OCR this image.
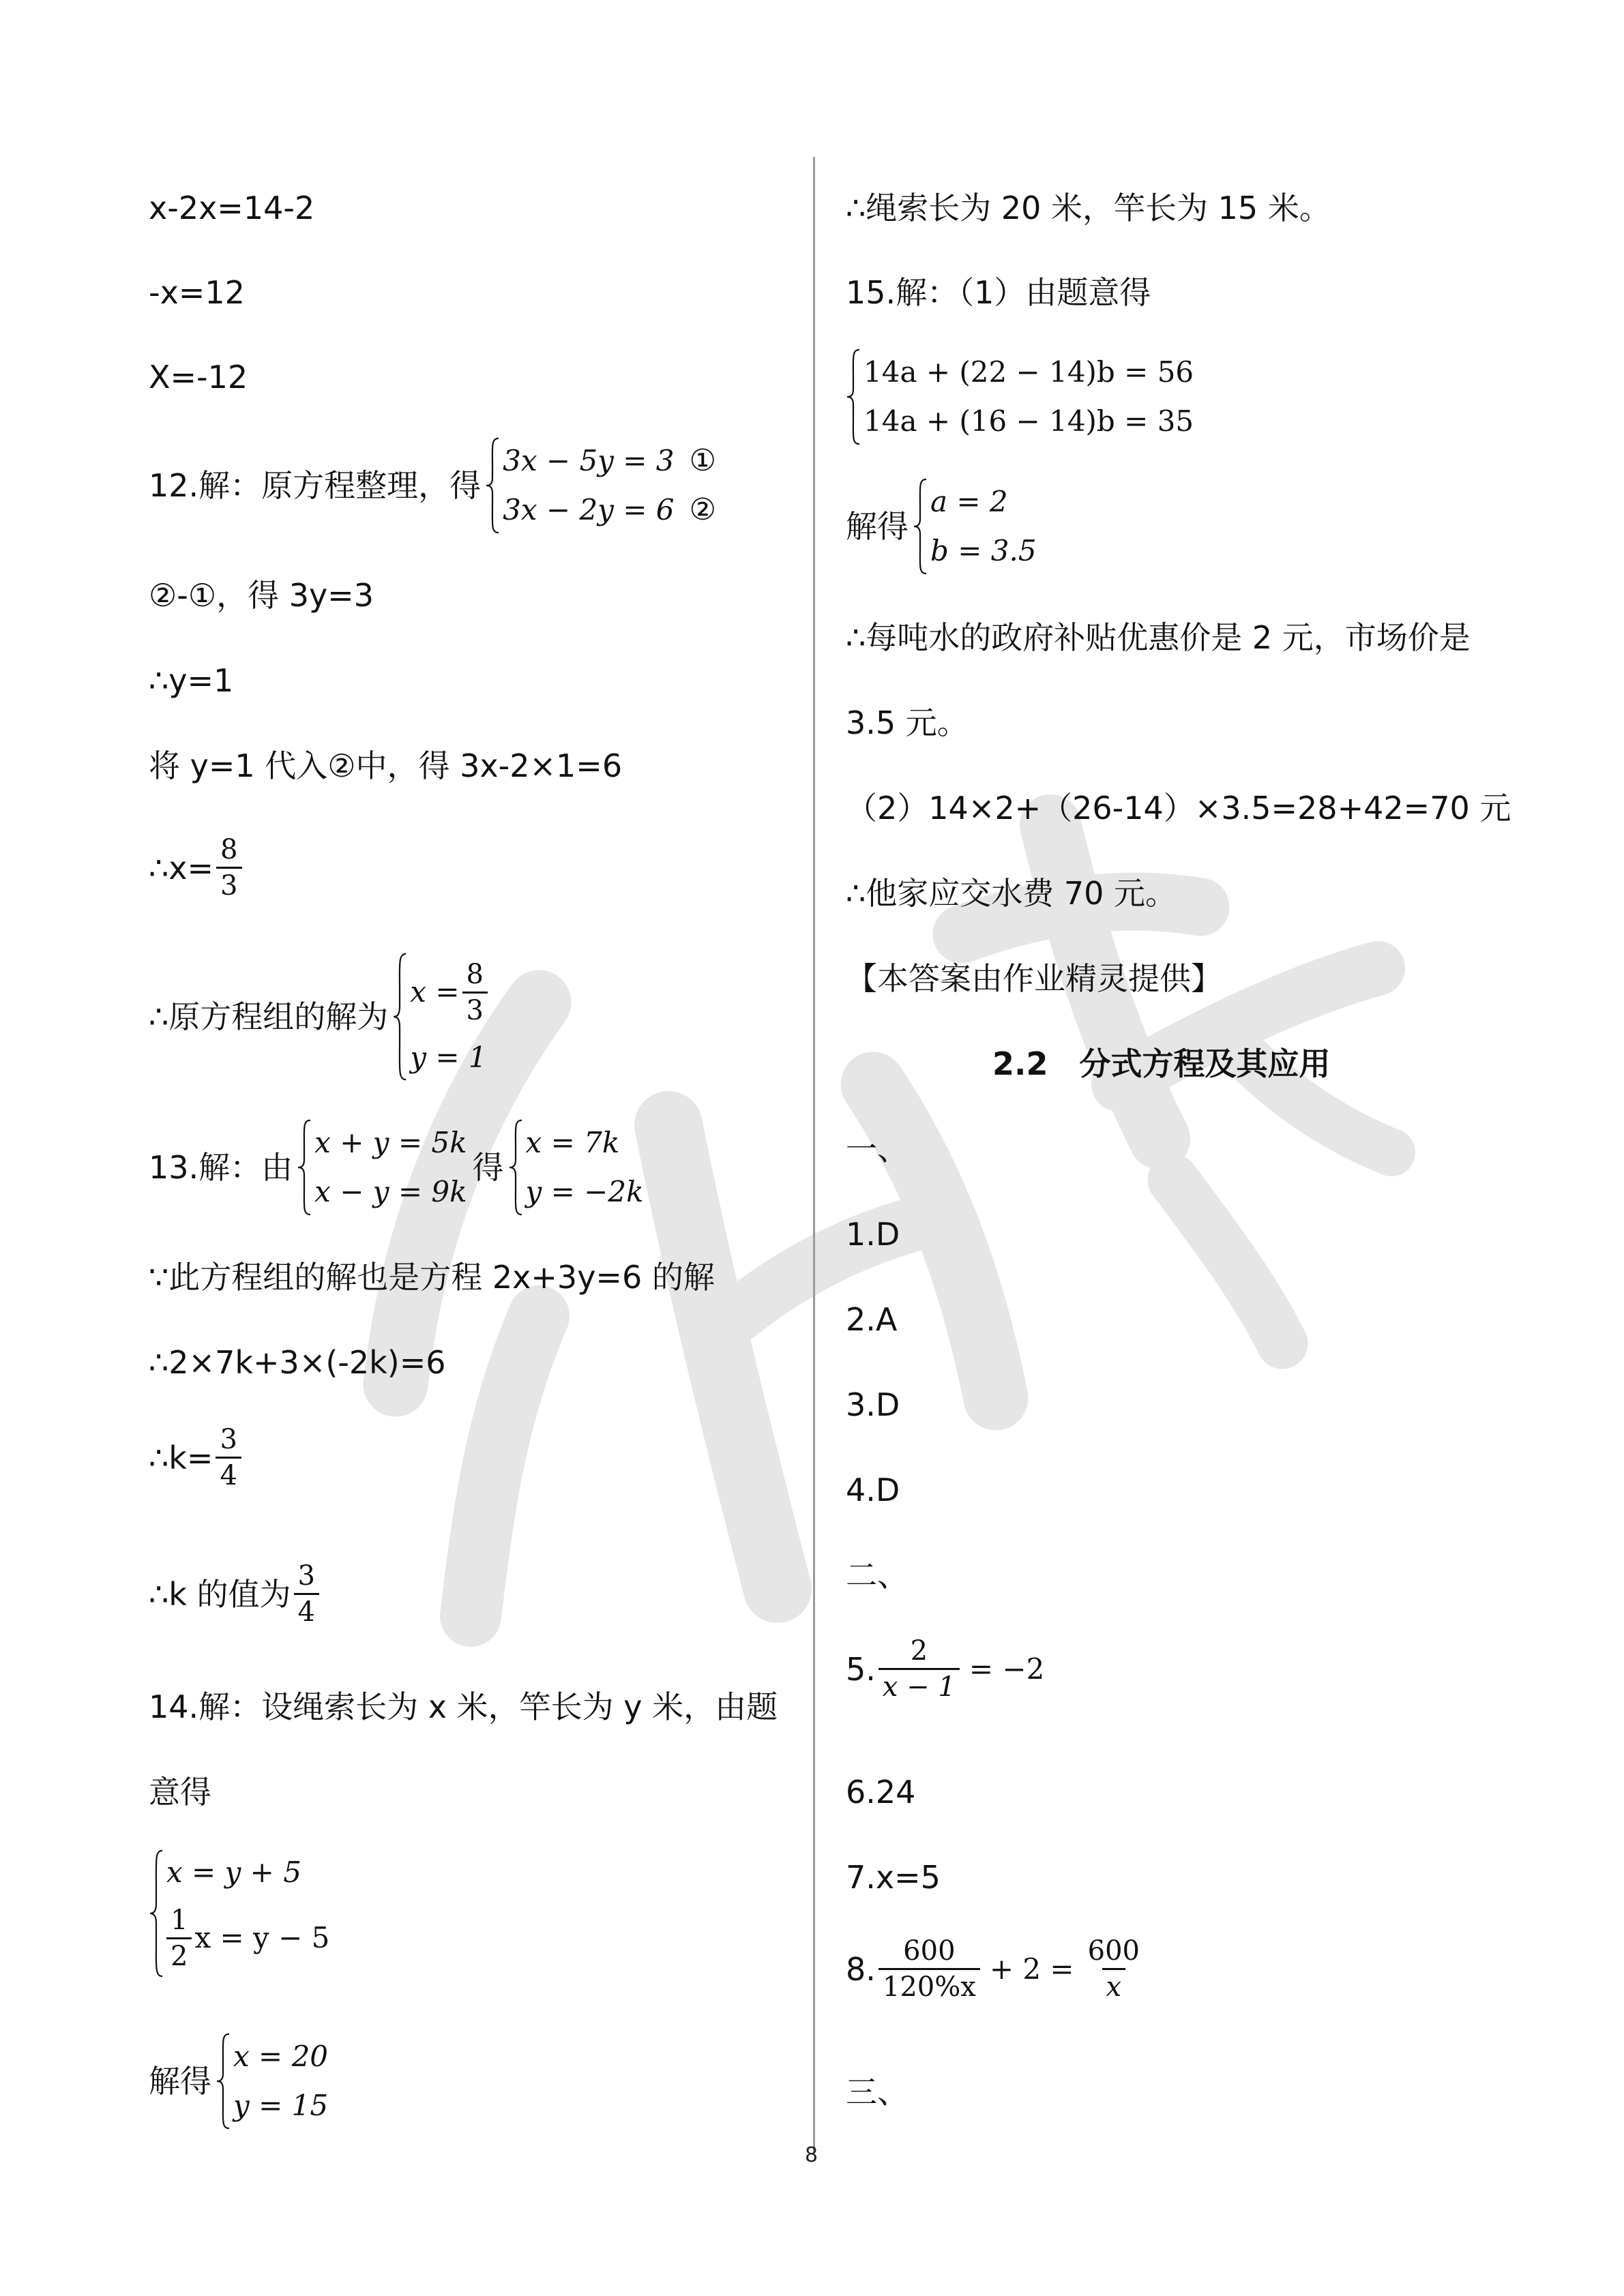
x-2x=14-2
-x=12
X=-12
12.解：原方程整理，得
3x − 5y = 3 ①
3x − 2y = 6 ②
②-①，得 3y=3
∴y=1
将 y=1 代入②中，得 3x-2×1=6
∴x= $\frac{8}{3}$
∴原方程组的解为
$x = \frac{8}{3}$
y = 1
13.解：由
x + y = 5k
x − y = 9k
得
x = 7k
y = −2k
∵此方程组的解也是方程 2x+3y=6 的解
∴2×7k+3×(-2k)=6
∴k= $\frac{3}{4}$
∴k 的值为 $\frac{3}{4}$
14.解：设绳索长为 x 米，竿长为 y 米，由题
意得
x = y + 5
$\frac{1}{2}$ x = y − 5
解得
x = 20
y = 15
∴绳索长为 20 米，竿长为 15 米。
15.解：（1）由题意得
14a + (22 − 14)b = 56
14a + (16 − 14)b = 35
解得
a = 2
b = 3.5
∴每吨水的政府补贴优惠价是 2 元，市场价是
3.5 元。
（2）14×2+（26-14）×3.5=28+42=70 元
∴他家应交水费 70 元。
【本答案由作业精灵提供】
2.2　分式方程及其应用
一、
1.D
2.A
3.D
4.D
二、
5. $\frac{2}{x - 1} = -2$
6.24
7.x=5
8. $\frac{600}{120\%x} + 2 = \frac{600}{x}$
三、
8
